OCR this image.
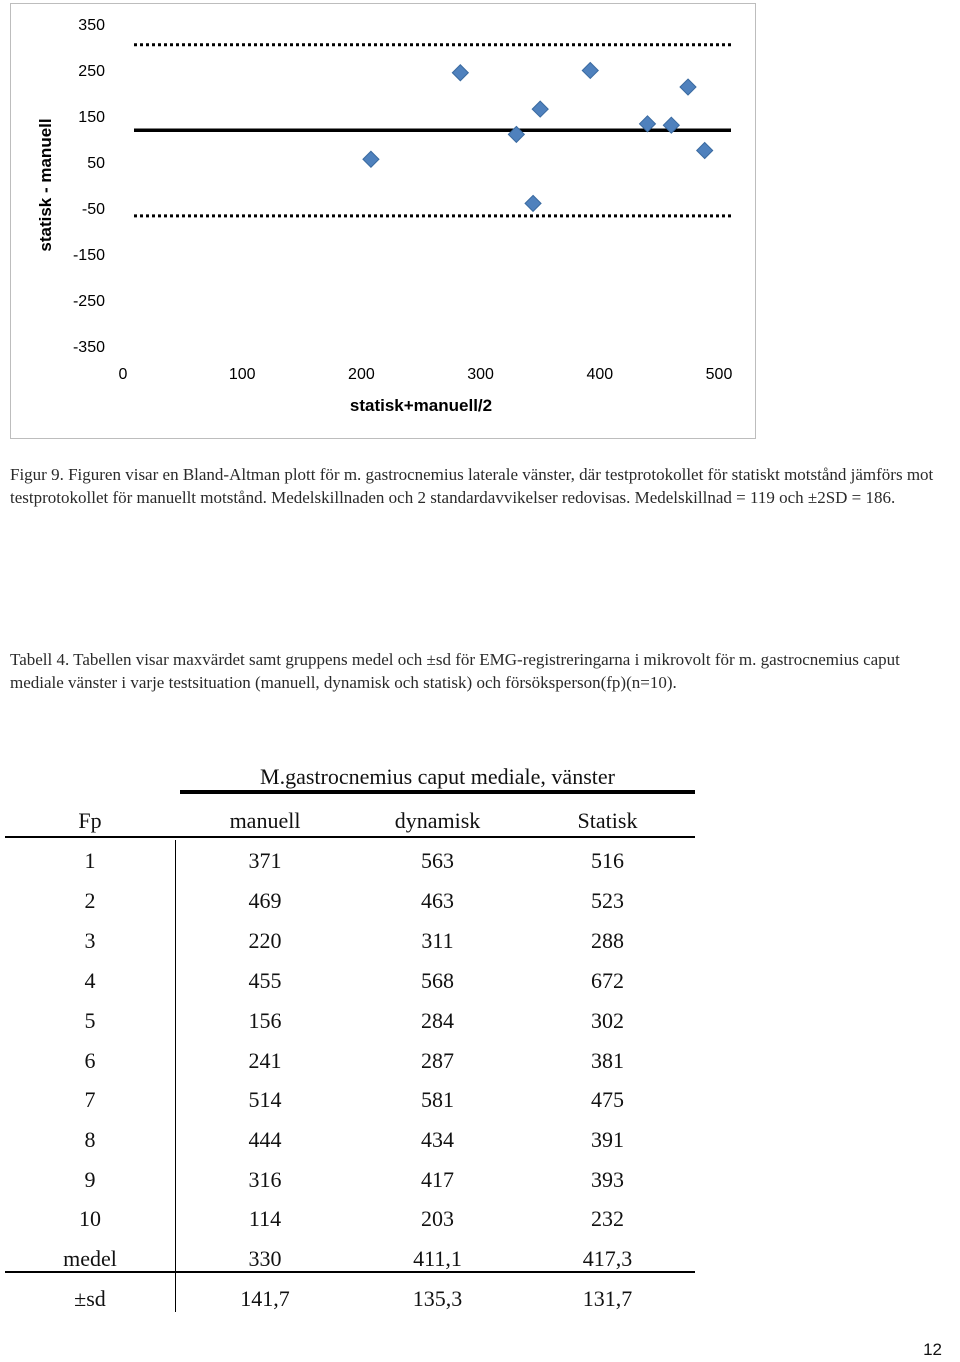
350
250
150
50
-50
-150
-250
-350
0	100	200	300	400	500
statisk+manuell/2
statisk - manuell
Figur 9. Figuren visar en Bland-Altman plott för m. gastrocnemius laterale vänster, där testprotokollet för statiskt motstånd jämförs mot testprotokollet för manuellt motstånd. Medelskillnaden och 2 standardavvikelser redovisas. Medelskillnad = 119 och ±2SD = 186.
Tabell 4. Tabellen visar maxvärdet samt gruppens medel och ±sd för EMG-registreringarna i mikrovolt för m. gastrocnemius caput mediale vänster i varje testsituation (manuell, dynamisk och statisk) och försöksperson(fp)(n=10).
M.gastrocnemius caput mediale, vänster
Fp	manuell	dynamisk	Statisk
1	371	563	516
2	469	463	523
3	220	311	288
4	455	568	672
5	156	284	302
6	241	287	381
7	514	581	475
8	444	434	391
9	316	417	393
10	114	203	232
medel	330	411,1	417,3
±sd	141,7	135,3	131,7
12
